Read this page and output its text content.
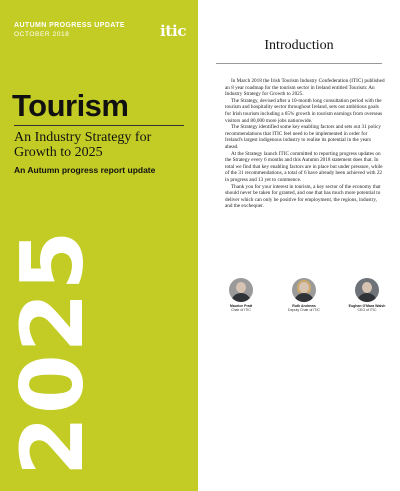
AUTUMN PROGRESS UPDATE
OCTOBER 2018	itic
Tourism
An Industry Strategy for Growth to 2025
An Autumn progress report update
2025
Introduction

In March 2018 the Irish Tourism Industry Confederation (ITIC) published an 8 year roadmap for the tourism sector in Ireland entitled Tourism: An Industry Strategy for Growth to 2025.

The Strategy, devised after a 10-month long consultation period with the tourism and hospitality sector throughout Ireland, sets out ambitious goals for Irish tourism including a 65% growth in tourism earnings from overseas visitors and 80,000 more jobs nationwide.

The Strategy identified some key enabling factors and sets out 31 policy recommendations that ITIC feel need to be implemented in order for Ireland's largest indigenous industry to realise its potential in the years ahead.

At the Strategy launch ITIC committed to reporting progress updates on the Strategy every 6 months and this Autumn 2018 statement does that. In total we find that key enabling factors are in place but under pressure, while of the 31 recommendations, a total of 6 have already been achieved with 22 in progress and 13 yet to commence.

Thank you for your interest in tourism, a key sector of the economy that should never be taken for granted, and one that has much more potential to deliver which can only be positive for employment, the regions, industry, and the exchequer.

Maurice Pratt
Chair of ITIC
Ruth Andrews
Deputy Chair of ITIC
Eoghan O'Mara Walsh
CEO of ITIC
